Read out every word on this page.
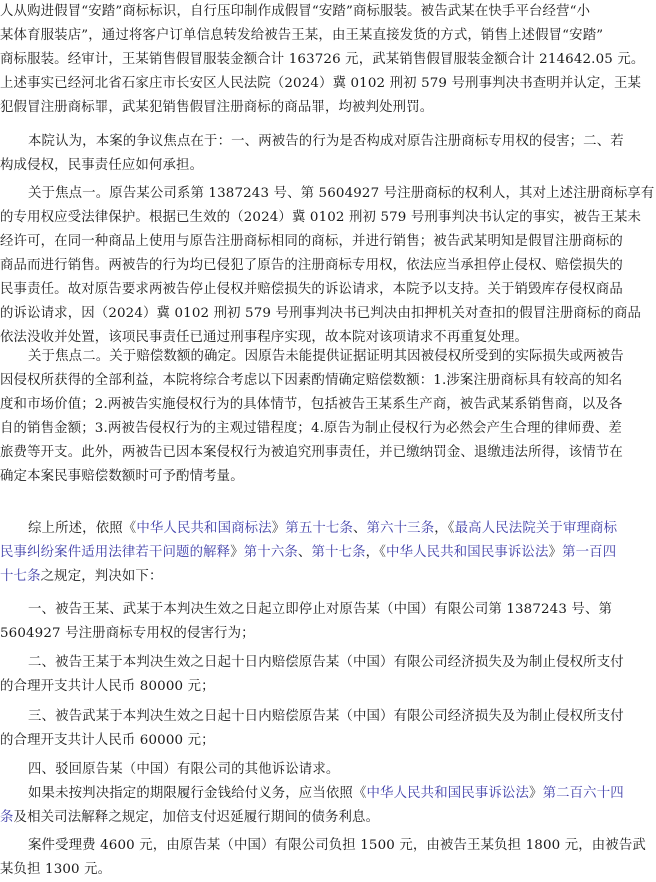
人从购进假冒“安踏”商标标识，自行压印制作成假冒“安踏”商标服装。被告武某在快手平台经营“小
某体育服装店”，通过将客户订单信息转发给被告王某，由王某直接发货的方式，销售上述假冒“安踏”
商标服装。经审计，王某销售假冒服装金额合计 163726 元，武某销售假冒服装金额合计 214642.05 元。
上述事实已经河北省石家庄市长安区人民法院（2024）冀 0102 刑初 579 号刑事判决书查明并认定，王某
犯假冒注册商标罪，武某犯销售假冒注册商标的商品罪，均被判处刑罚。
本院认为，本案的争议焦点在于：一、两被告的行为是否构成对原告注册商标专用权的侵害；二、若
构成侵权，民事责任应如何承担。
关于焦点一。原告某公司系第 1387243 号、第 5604927 号注册商标的权利人，其对上述注册商标享有
的专用权应受法律保护。根据已生效的（2024）冀 0102 刑初 579 号刑事判决书认定的事实，被告王某未
经许可，在同一种商品上使用与原告注册商标相同的商标，并进行销售；被告武某明知是假冒注册商标的
商品而进行销售。两被告的行为均已侵犯了原告的注册商标专用权，依法应当承担停止侵权、赔偿损失的
民事责任。故对原告要求两被告停止侵权并赔偿损失的诉讼请求，本院予以支持。关于销毁库存侵权商品
的诉讼请求，因（2024）冀 0102 刑初 579 号刑事判决书已判决由扣押机关对查扣的假冒注册商标的商品
依法没收并处置，该项民事责任已通过刑事程序实现，故本院对该项请求不再重复处理。
关于焦点二。关于赔偿数额的确定。因原告未能提供证据证明其因被侵权所受到的实际损失或两被告
因侵权所获得的全部利益，本院将综合考虑以下因素酌情确定赔偿数额：1.涉案注册商标具有较高的知名
度和市场价值；2.两被告实施侵权行为的具体情节，包括被告王某系生产商，被告武某系销售商，以及各
自的销售金额；3.两被告侵权行为的主观过错程度；4.原告为制止侵权行为必然会产生合理的律师费、差
旅费等开支。此外，两被告已因本案侵权行为被追究刑事责任，并已缴纳罚金、退缴违法所得，该情节在
确定本案民事赔偿数额时可予酌情考量。
综上所述，依照《中华人民共和国商标法》第五十七条、第六十三条，《最高人民法院关于审理商标
民事纠纷案件适用法律若干问题的解释》第十六条、第十七条，《中华人民共和国民事诉讼法》第一百四
十七条之规定，判决如下：
一、被告王某、武某于本判决生效之日起立即停止对原告某（中国）有限公司第 1387243 号、第
5604927 号注册商标专用权的侵害行为；
二、被告王某于本判决生效之日起十日内赔偿原告某（中国）有限公司经济损失及为制止侵权所支付
的合理开支共计人民币 80000 元；
三、被告武某于本判决生效之日起十日内赔偿原告某（中国）有限公司经济损失及为制止侵权所支付
的合理开支共计人民币 60000 元；
四、驳回原告某（中国）有限公司的其他诉讼请求。
如果未按判决指定的期限履行金钱给付义务，应当依照《中华人民共和国民事诉讼法》第二百六十四
条及相关司法解释之规定，加倍支付迟延履行期间的债务利息。
案件受理费 4600 元，由原告某（中国）有限公司负担 1500 元，由被告王某负担 1800 元，由被告武
某负担 1300 元。
